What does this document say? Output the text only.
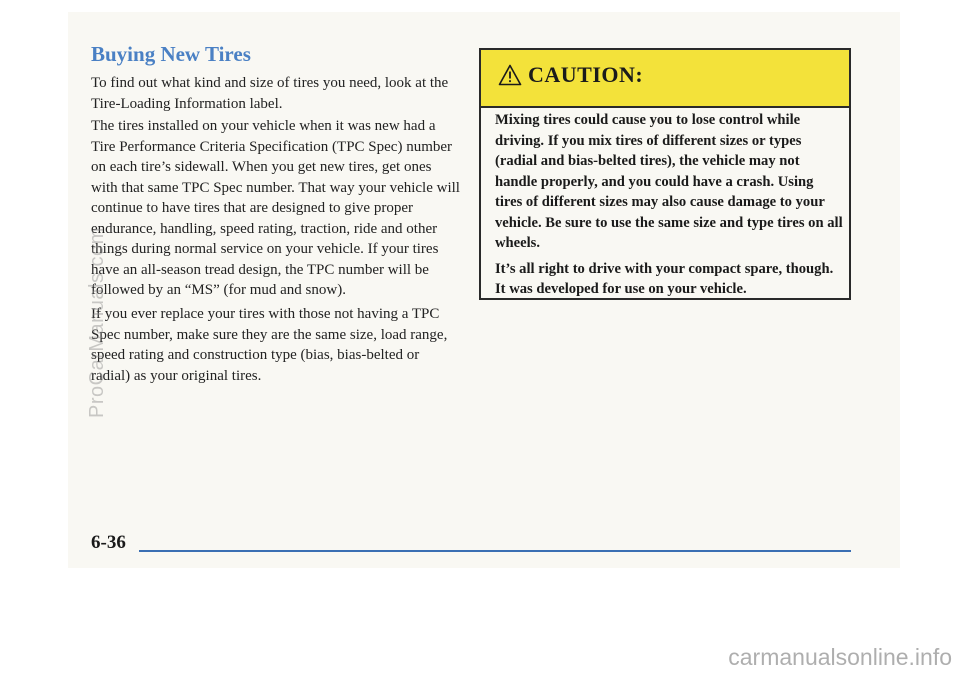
Buying New Tires

To find out what kind and size of tires you need, look at the Tire-Loading Information label.

The tires installed on your vehicle when it was new had a Tire Performance Criteria Specification (TPC Spec) number on each tire’s sidewall. When you get new tires, get ones with that same TPC Spec number. That way your vehicle will continue to have tires that are designed to give proper endurance, handling, speed rating, traction, ride and other things during normal service on your vehicle. If your tires have an all-season tread design, the TPC number will be followed by an “MS” (for mud and snow).

If you ever replace your tires with those not having a TPC Spec number, make sure they are the same size, load range, speed rating and construction type (bias, bias-belted or radial) as your original tires.

CAUTION:

Mixing tires could cause you to lose control while driving. If you mix tires of different sizes or types (radial and bias-belted tires), the vehicle may not handle properly, and you could have a crash. Using tires of different sizes may also cause damage to your vehicle. Be sure to use the same size and type tires on all wheels.

It’s all right to drive with your compact spare, though. It was developed for use on your vehicle.

6-36
ProCarManuals.com
carmanualsonline.info
